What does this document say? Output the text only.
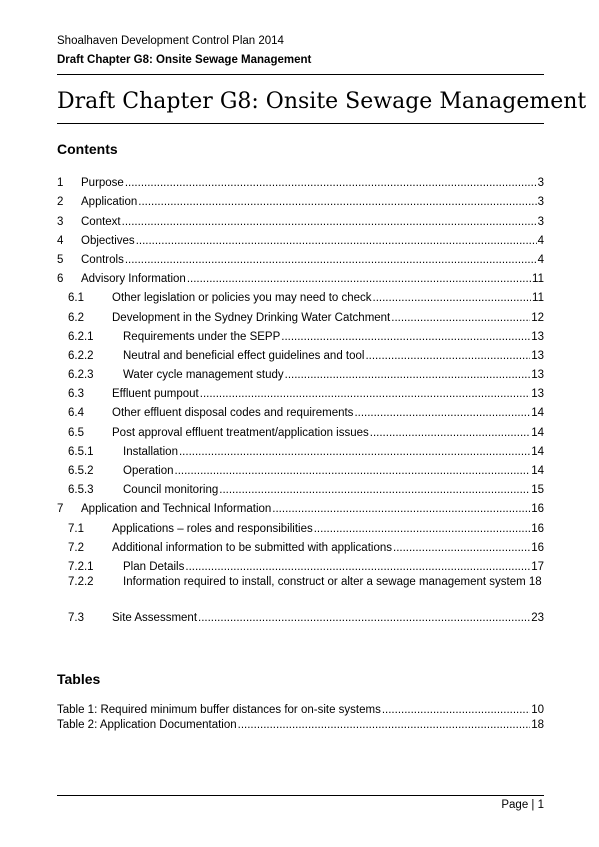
Shoalhaven Development Control Plan 2014
Draft Chapter G8: Onsite Sewage Management
Draft Chapter G8: Onsite Sewage Management
Contents
1	Purpose .....	3
2	Application .....	3
3	Context .....	3
4	Objectives .....	4
5	Controls .....	4
6	Advisory Information .....	11
6.1	Other legislation or policies you may need to check .....	11
6.2	Development in the Sydney Drinking Water Catchment .....	12
6.2.1	Requirements under the SEPP .....	13
6.2.2	Neutral and beneficial effect guidelines and tool .....	13
6.2.3	Water cycle management study .....	13
6.3	Effluent pumpout .....	13
6.4	Other effluent disposal codes and requirements .....	14
6.5	Post approval effluent treatment/application issues .....	14
6.5.1	Installation .....	14
6.5.2	Operation .....	14
6.5.3	Council monitoring .....	15
7	Application and Technical Information .....	16
7.1	Applications – roles and responsibilities .....	16
7.2	Additional information to be submitted with applications .....	16
7.2.1	Plan Details .....	17
7.2.2	Information required to install, construct or alter a sewage management system 18
7.3	Site Assessment .....	23
Tables
Table 1: Required minimum buffer distances for on-site systems .....	10
Table 2: Application Documentation .....	18
Page | 1
